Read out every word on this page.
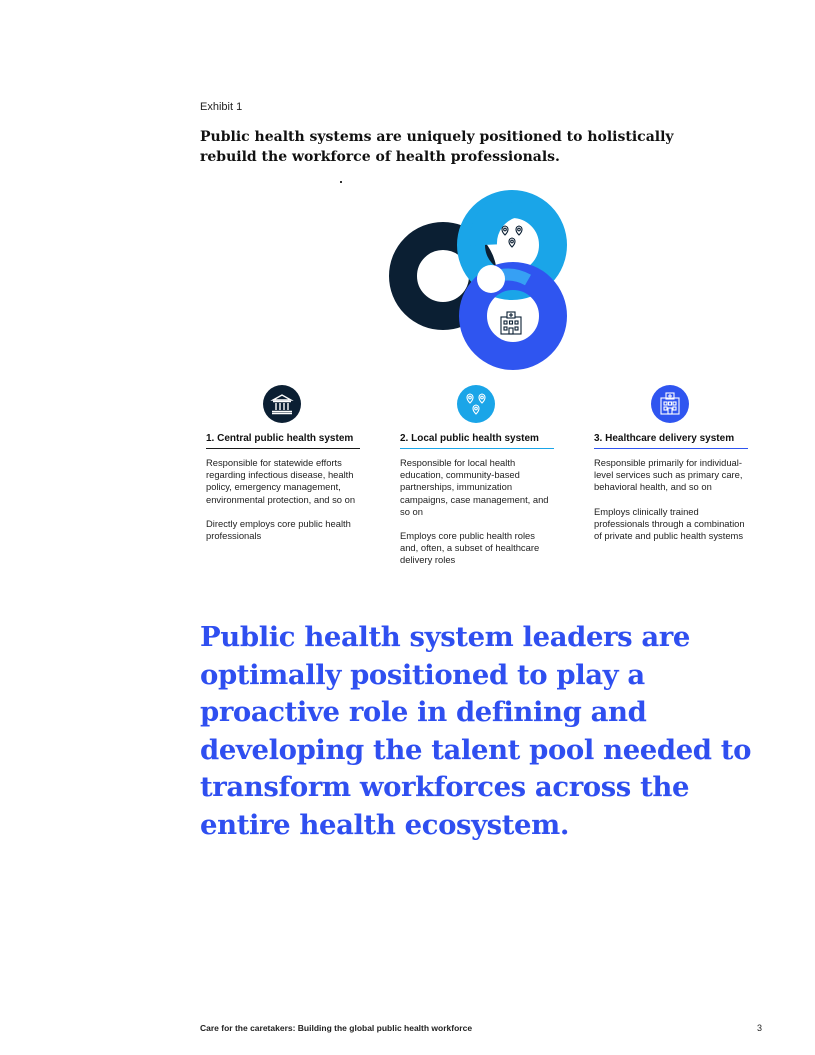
Exhibit 1
Public health systems are uniquely positioned to holistically rebuild the workforce of health professionals.
1. Central public health system
Responsible for statewide efforts regarding infectious disease, health policy, emergency management, environmental protection, and so on
Directly employs core public health professionals
2. Local public health system
Responsible for local health education, community-based partnerships, immunization campaigns, case management, and so on
Employs core public health roles and, often, a subset of healthcare delivery roles
3. Healthcare delivery system
Responsible primarily for individual-level services such as primary care, behavioral health, and so on
Employs clinically trained professionals through a combination of private and public health systems
Public health system leaders are optimally positioned to play a proactive role in defining and developing the talent pool needed to transform workforces across the entire health ecosystem.
Care for the caretakers: Building the global public health workforce	3
